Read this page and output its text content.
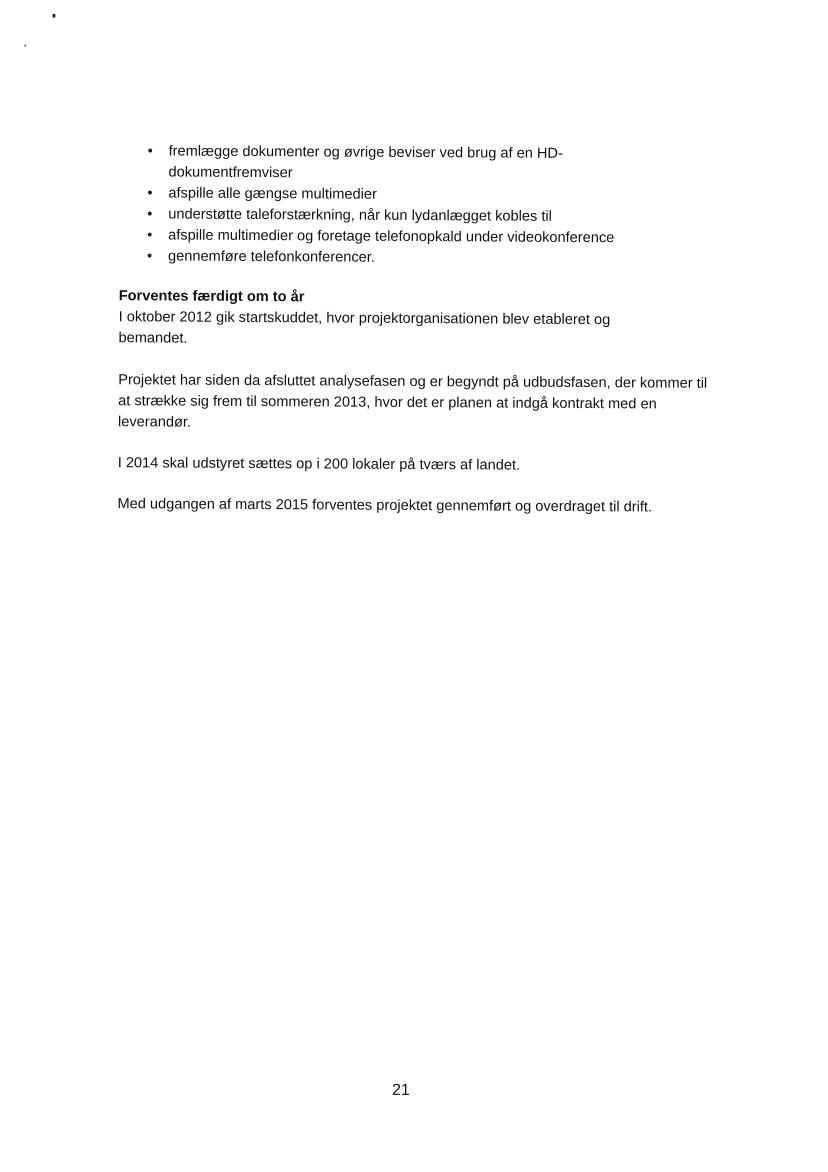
• fremlægge dokumenter og øvrige beviser ved brug af en HD-dokumentfremviser
• afspille alle gængse multimedier
• understøtte taleforstærkning, når kun lydanlægget kobles til
• afspille multimedier og foretage telefonopkald under videokonference
• gennemføre telefonkonferencer.
Forventes færdigt om to år

I oktober 2012 gik startskuddet, hvor projektorganisationen blev etableret og bemandet.

Projektet har siden da afsluttet analysefasen og er begyndt på udbudsfasen, der kommer til at strække sig frem til sommeren 2013, hvor det er planen at indgå kontrakt med en leverandør.

I 2014 skal udstyret sættes op i 200 lokaler på tværs af landet.

Med udgangen af marts 2015 forventes projektet gennemført og overdraget til drift.

21
